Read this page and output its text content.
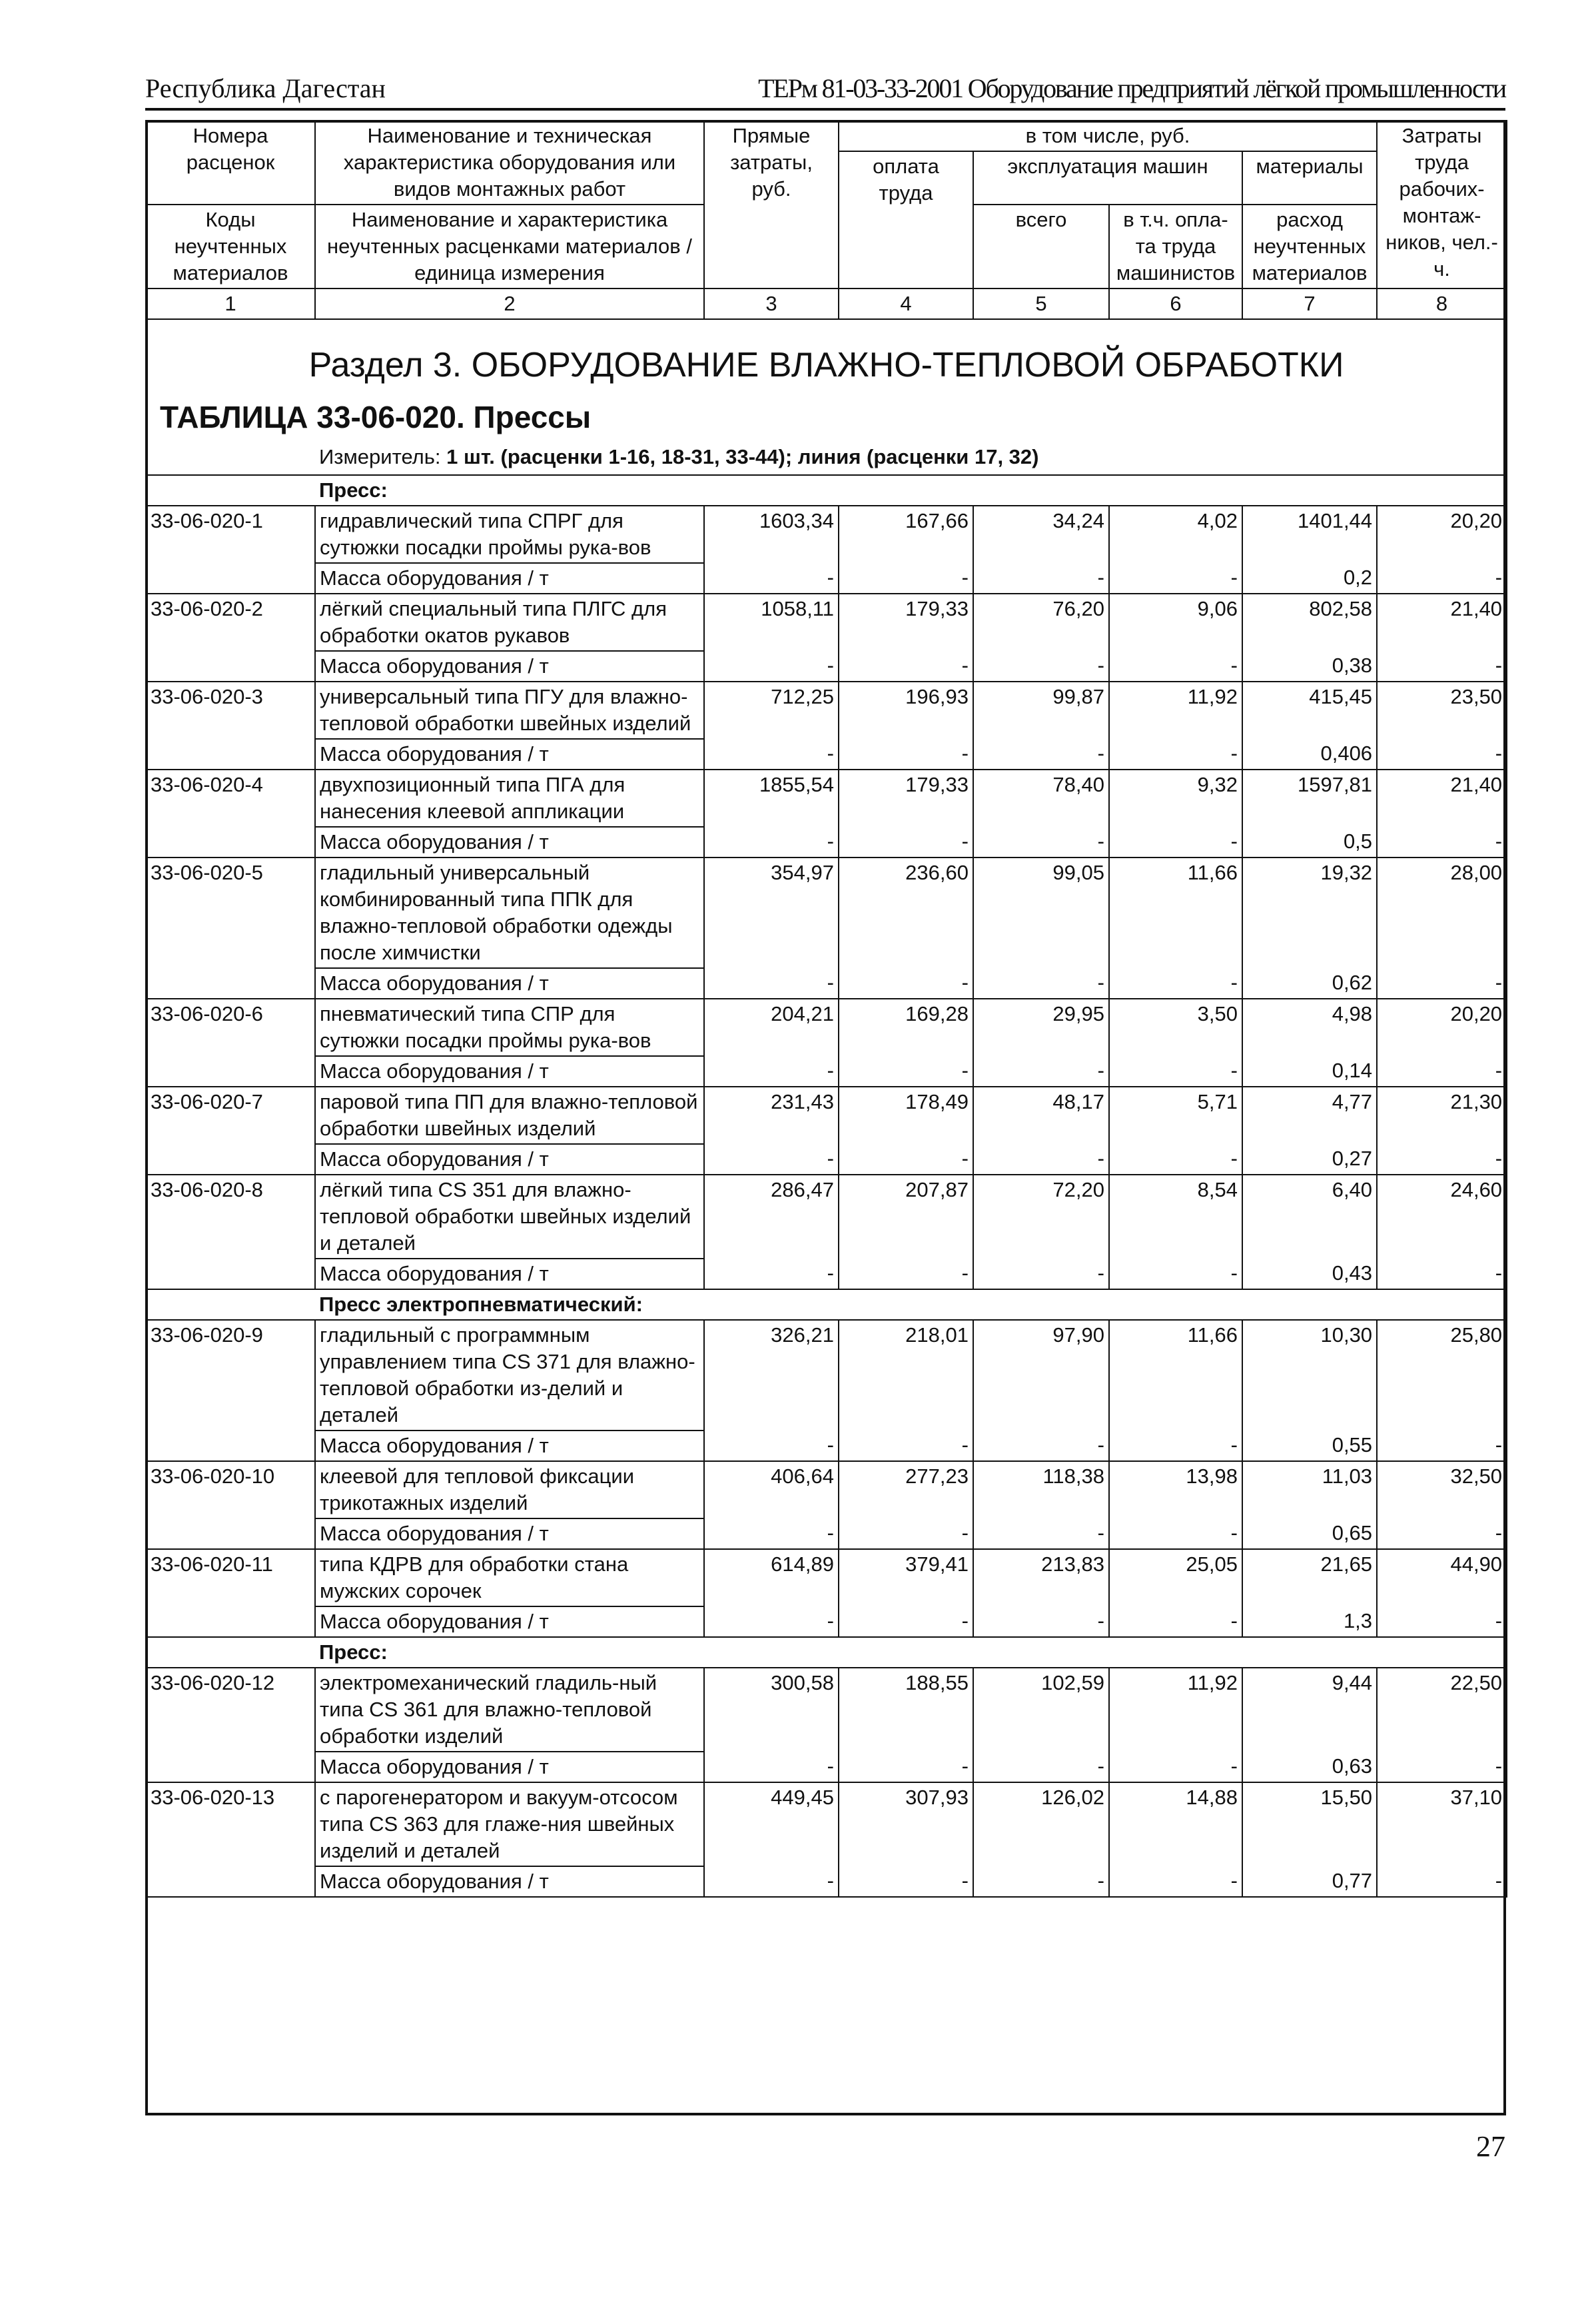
Республика Дагестан	ТЕРм 81-03-33-2001 Оборудование предприятий лёгкой промышленности
Номера расценок	Наименование и техническая характеристика оборудования или видов монтажных работ	Прямые затраты, руб.	в том числе, руб.				Затраты труда рабочих-монтаж-ников, чел.-ч.
			оплата труда	эксплуатация машин		материалы	
Коды неучтенных материалов	Наименование и характеристика неучтенных расценками материалов / единица измерения			всего	в т.ч. опла-та труда машинистов	расход неучтенных материалов	
1	2	3	4	5	6	7	8

Раздел 3. ОБОРУДОВАНИЕ ВЛАЖНО-ТЕПЛОВОЙ ОБРАБОТКИ
ТАБЛИЦА 33-06-020. Прессы							

	Измеритель: 1 шт. (расценки 1-16, 18-31, 33-44); линия (расценки 17, 32)						
	Пресс:						
33-06-020-1	гидравлический типа СПРГ для сутюжки посадки проймы рука-вов	1603,34	167,66	34,24	4,02	1401,44	20,20
	Масса оборудования / т	-	-	-	-	0,2	-
33-06-020-2	лёгкий специальный типа ПЛГС для обработки окатов рукавов	1058,11	179,33	76,20	9,06	802,58	21,40
	Масса оборудования / т	-	-	-	-	0,38	-
33-06-020-3	универсальный типа ПГУ для влажно-тепловой обработки швейных изделий	712,25	196,93	99,87	11,92	415,45	23,50
	Масса оборудования / т	-	-	-	-	0,406	-
33-06-020-4	двухпозиционный типа ПГА для нанесения клеевой аппликации	1855,54	179,33	78,40	9,32	1597,81	21,40
	Масса оборудования / т	-	-	-	-	0,5	-
33-06-020-5	гладильный универсальный комбинированный типа ППК для влажно-тепловой обработки одежды после химчистки	354,97	236,60	99,05	11,66	19,32	28,00
	Масса оборудования / т	-	-	-	-	0,62	-
33-06-020-6	пневматический типа СПР для сутюжки посадки проймы рука-вов	204,21	169,28	29,95	3,50	4,98	20,20
	Масса оборудования / т	-	-	-	-	0,14	-
33-06-020-7	паровой типа ПП для влажно-тепловой обработки швейных изделий	231,43	178,49	48,17	5,71	4,77	21,30
	Масса оборудования / т	-	-	-	-	0,27	-
33-06-020-8	лёгкий типа CS 351 для влажно-тепловой обработки швейных изделий и деталей	286,47	207,87	72,20	8,54	6,40	24,60
	Масса оборудования / т	-	-	-	-	0,43	-
	Пресс электропневматический:						
33-06-020-9	гладильный с программным управлением типа CS 371 для влажно-тепловой обработки из-делий и деталей	326,21	218,01	97,90	11,66	10,30	25,80
	Масса оборудования / т	-	-	-	-	0,55	-
33-06-020-10	клеевой для тепловой фиксации трикотажных изделий	406,64	277,23	118,38	13,98	11,03	32,50
	Масса оборудования / т	-	-	-	-	0,65	-
33-06-020-11	типа КДРВ для обработки стана мужских сорочек	614,89	379,41	213,83	25,05	21,65	44,90
	Масса оборудования / т	-	-	-	-	1,3	-
	Пресс:						
33-06-020-12	электромеханический гладиль-ный типа CS 361 для влажно-тепловой обработки изделий	300,58	188,55	102,59	11,92	9,44	22,50
	Масса оборудования / т	-	-	-	-	0,63	-
33-06-020-13	с парогенератором и вакуум-отсосом типа CS 363 для глаже-ния швейных изделий и деталей	449,45	307,93	126,02	14,88	15,50	37,10
	Масса оборудования / т	-	-	-	-	0,77	-
27
